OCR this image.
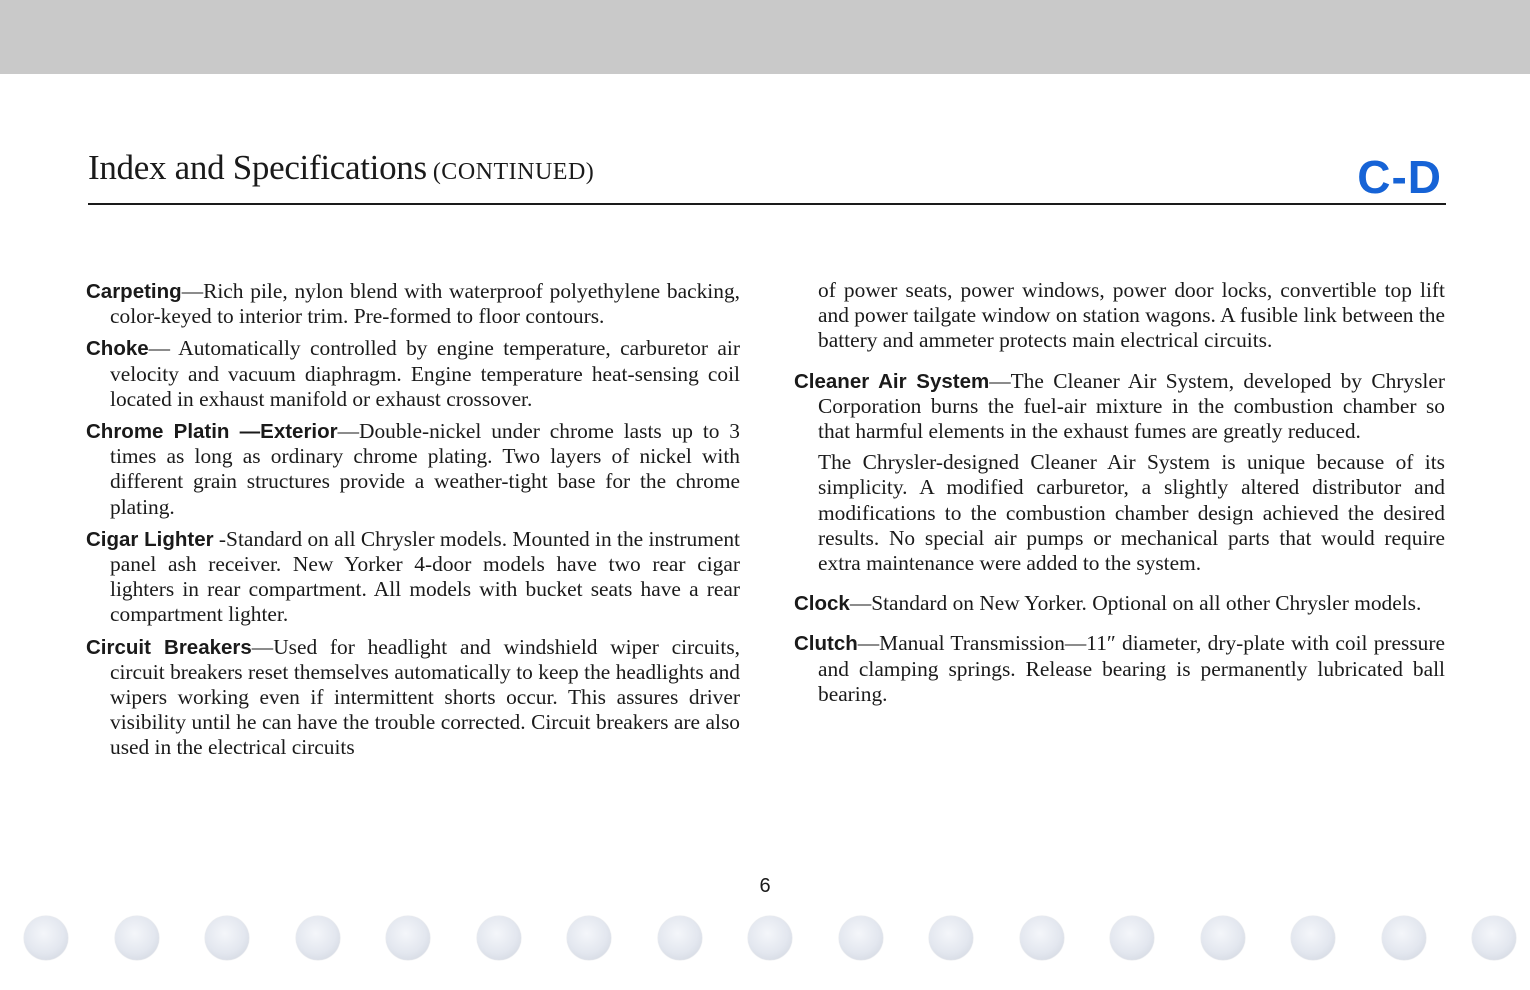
Index and Specifications (CONTINUED)	C-D

Carpeting—Rich pile, nylon blend with waterproof polyethylene backing, color-keyed to interior trim. Pre-formed to floor contours.

Choke— Automatically controlled by engine temperature, carburetor air velocity and vacuum diaphragm. Engine temperature heat-sensing coil located in exhaust manifold or exhaust crossover.

Chrome Platin —Exterior—Double-nickel under chrome lasts up to 3 times as long as ordinary chrome plating. Two layers of nickel with different grain structures provide a weather-tight base for the chrome plating.

Cigar Lighter -Standard on all Chrysler models. Mounted in the instrument panel ash receiver. New Yorker 4-door models have two rear cigar lighters in rear compartment. All models with bucket seats have a rear compartment lighter.

Circuit Breakers—Used for headlight and windshield wiper circuits, circuit breakers reset themselves automatically to keep the headlights and wipers working even if intermittent shorts occur. This assures driver visibility until he can have the trouble corrected. Circuit breakers are also used in the electrical circuits

of power seats, power windows, power door locks, convertible top lift and power tailgate window on station wagons. A fusible link between the battery and ammeter protects main electrical circuits.

Cleaner Air System—The Cleaner Air System, developed by Chrysler Corporation burns the fuel-air mixture in the combustion chamber so that harmful elements in the exhaust fumes are greatly reduced.

The Chrysler-designed Cleaner Air System is unique because of its simplicity. A modified carburetor, a slightly altered distributor and modifications to the combustion chamber design achieved the desired results. No special air pumps or mechanical parts that would require extra maintenance were added to the system.

Clock—Standard on New Yorker. Optional on all other Chrysler models.

Clutch—Manual Transmission—11″ diameter, dry-plate with coil pressure and clamping springs. Release bearing is permanently lubricated ball bearing.

6
